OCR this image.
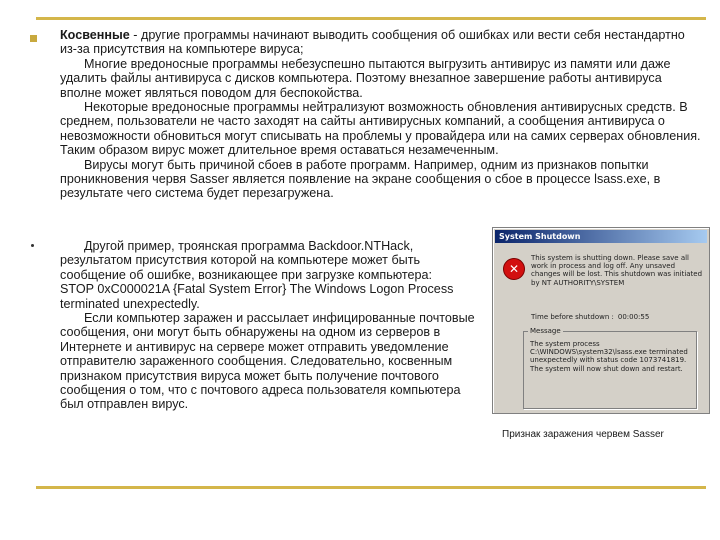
Косвенные - другие программы начинают выводить сообщения об ошибках или вести себя нестандартно из-за присутствия на компьютере вируса;

Многие вредоносные программы небезуспешно пытаются выгрузить антивирус из памяти или даже удалить файлы антивируса с дисков компьютера. Поэтому внезапное завершение работы антивируса вполне может являться поводом для беспокойства.

Некоторые вредоносные программы нейтрализуют возможность обновления антивирусных средств. В среднем, пользователи не часто заходят на сайты антивирусных компаний, а сообщения антивируса о невозможности обновиться могут списывать на проблемы у провайдера или на самих серверах обновления. Таким образом вирус может длительное время оставаться незамеченным.

Вирусы могут быть причиной сбоев в работе программ. Например, одним из признаков попытки проникновения червя Sasser является появление на экране сообщения о сбое в процессе lsass.exe, в результате чего система будет перезагружена.

Другой пример, троянская программа Backdoor.NTHack, результатом присутствия которой на компьютере может быть сообщение об ошибке, возникающее при загрузке компьютера:

STOP 0xC000021A {Fatal System Error} The Windows Logon Process terminated unexpectedly.

Если компьютер заражен и рассылает инфицированные почтовые сообщения, они могут быть обнаружены на одном из серверов в Интернете и антивирус на сервере может отправить уведомление отправителю зараженного сообщения. Следовательно, косвенным признаком присутствия вируса может быть получение почтового сообщения о том, что с почтового адреса пользователя компьютера был отправлен вирус.

System Shutdown
✕
This system is shutting down. Please save all work in process and log off. Any unsaved changes will be lost. This shutdown was initiated by NT AUTHORITY\SYSTEM
Time before shutdown : 00:00:55
Message
The system process C:\WINDOWS\system32\lsass.exe terminated unexpectedly with status code 1073741819. The system will now shut down and restart.
Признак заражения червем Sasser
